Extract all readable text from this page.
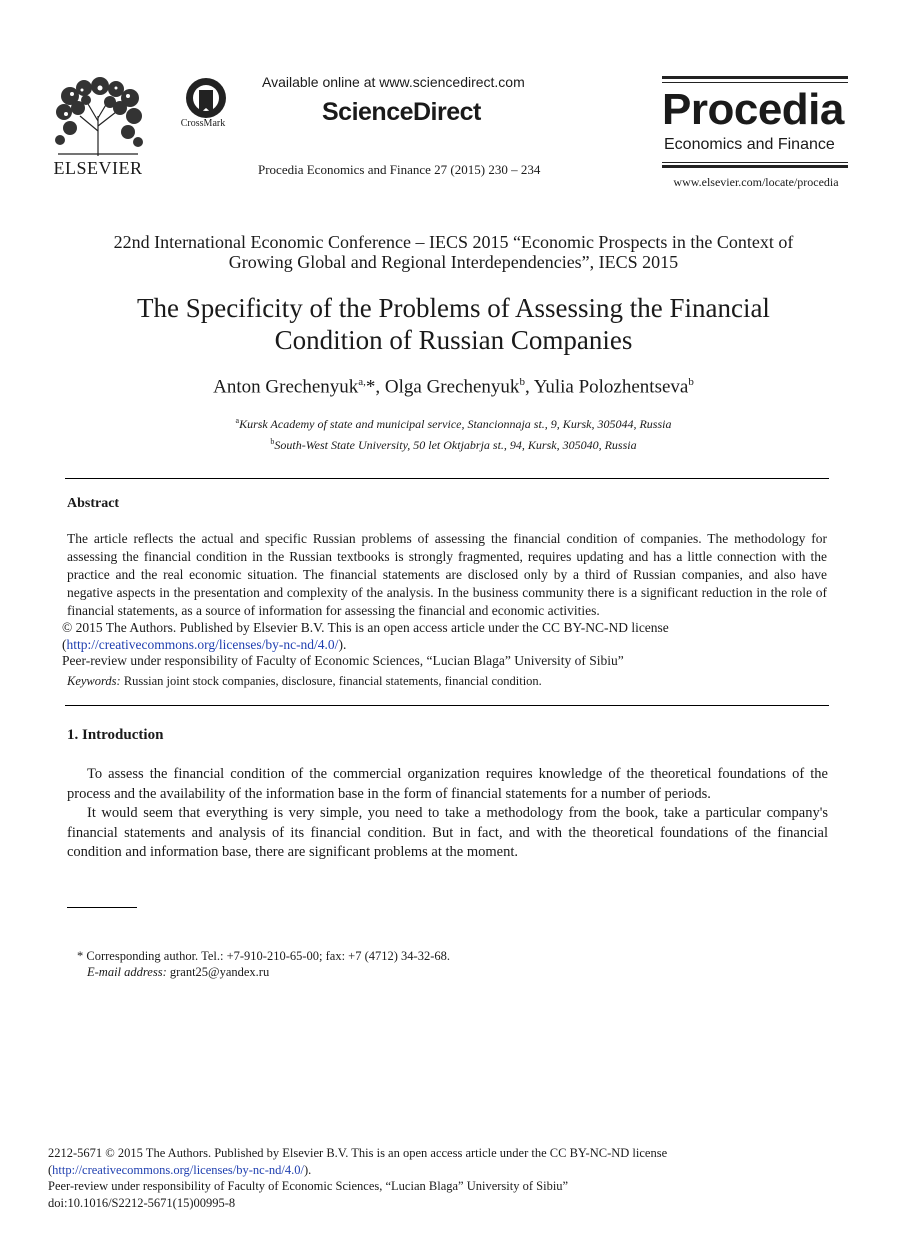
ELSEVIER
CrossMark
Available online at www.sciencedirect.com
ScienceDirect
Procedia Economics and Finance 27 (2015) 230 – 234
Procedia
Economics and Finance
www.elsevier.com/locate/procedia
22nd International Economic Conference – IECS 2015 “Economic Prospects in the Context of
Growing Global and Regional Interdependencies”, IECS 2015
The Specificity of the Problems of Assessing the Financial
Condition of Russian Companies
Anton Grechenyuk$^{a,}$*, Olga Grechenyuk$^b$, Yulia Polozhentseva$^b$
$^a$Kursk Academy of state and municipal service, Stancionnaja st., 9, Kursk, 305044, Russia
$^b$South-West State University, 50 let Oktjabrja st., 94, Kursk, 305040, Russia
Abstract
The article reflects the actual and specific Russian problems of assessing the financial condition of companies. The methodology for assessing the financial condition in the Russian textbooks is strongly fragmented, requires updating and has a little connection with the practice and the real economic situation. The financial statements are disclosed only by a third of Russian companies, and also have negative aspects in the presentation and complexity of the analysis. In the business community there is a significant reduction in the role of financial statements, as a source of information for assessing the financial and economic activities.
© 2015 The Authors. Published by Elsevier B.V. This is an open access article under the CC BY-NC-ND license
(http://creativecommons.org/licenses/by-nc-nd/4.0/).
Peer-review under responsibility of Faculty of Economic Sciences, “Lucian Blaga” University of Sibiu”
Keywords: Russian joint stock companies, disclosure, financial statements, financial condition.
1. Introduction
To assess the financial condition of the commercial organization requires knowledge of the theoretical foundations of the process and the availability of the information base in the form of financial statements for a number of periods.
It would seem that everything is very simple, you need to take a methodology from the book, take a particular company's financial statements and analysis of its financial condition. But in fact, and with the theoretical foundations of the financial condition and information base, there are significant problems at the moment.
* Corresponding author. Tel.: +7-910-210-65-00; fax: +7 (4712) 34-32-68.
E-mail address: grant25@yandex.ru
2212-5671 © 2015 The Authors. Published by Elsevier B.V. This is an open access article under the CC BY-NC-ND license
(http://creativecommons.org/licenses/by-nc-nd/4.0/).
Peer-review under responsibility of Faculty of Economic Sciences, “Lucian Blaga” University of Sibiu”
doi:10.1016/S2212-5671(15)00995-8
